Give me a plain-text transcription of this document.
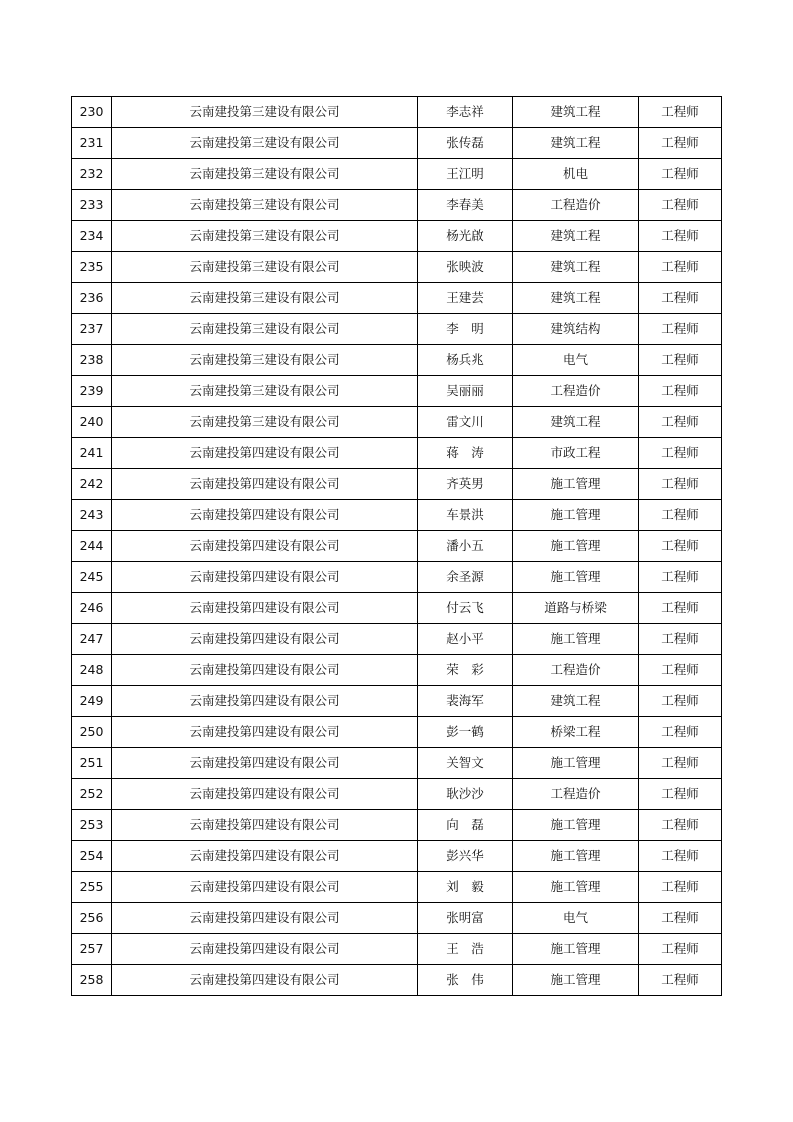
230	云南建投第三建设有限公司	李志祥	建筑工程	工程师
231	云南建投第三建设有限公司	张传磊	建筑工程	工程师
232	云南建投第三建设有限公司	王江明	机电	工程师
233	云南建投第三建设有限公司	李春美	工程造价	工程师
234	云南建投第三建设有限公司	杨光啟	建筑工程	工程师
235	云南建投第三建设有限公司	张映波	建筑工程	工程师
236	云南建投第三建设有限公司	王建芸	建筑工程	工程师
237	云南建投第三建设有限公司	李　明	建筑结构	工程师
238	云南建投第三建设有限公司	杨兵兆	电气	工程师
239	云南建投第三建设有限公司	吴丽丽	工程造价	工程师
240	云南建投第三建设有限公司	雷文川	建筑工程	工程师
241	云南建投第四建设有限公司	蒋　涛	市政工程	工程师
242	云南建投第四建设有限公司	齐英男	施工管理	工程师
243	云南建投第四建设有限公司	车景洪	施工管理	工程师
244	云南建投第四建设有限公司	潘小五	施工管理	工程师
245	云南建投第四建设有限公司	余圣源	施工管理	工程师
246	云南建投第四建设有限公司	付云飞	道路与桥梁	工程师
247	云南建投第四建设有限公司	赵小平	施工管理	工程师
248	云南建投第四建设有限公司	荣　彩	工程造价	工程师
249	云南建投第四建设有限公司	裴海军	建筑工程	工程师
250	云南建投第四建设有限公司	彭一鹤	桥梁工程	工程师
251	云南建投第四建设有限公司	关智文	施工管理	工程师
252	云南建投第四建设有限公司	耿沙沙	工程造价	工程师
253	云南建投第四建设有限公司	向　磊	施工管理	工程师
254	云南建投第四建设有限公司	彭兴华	施工管理	工程师
255	云南建投第四建设有限公司	刘　毅	施工管理	工程师
256	云南建投第四建设有限公司	张明富	电气	工程师
257	云南建投第四建设有限公司	王　浩	施工管理	工程师
258	云南建投第四建设有限公司	张　伟	施工管理	工程师
